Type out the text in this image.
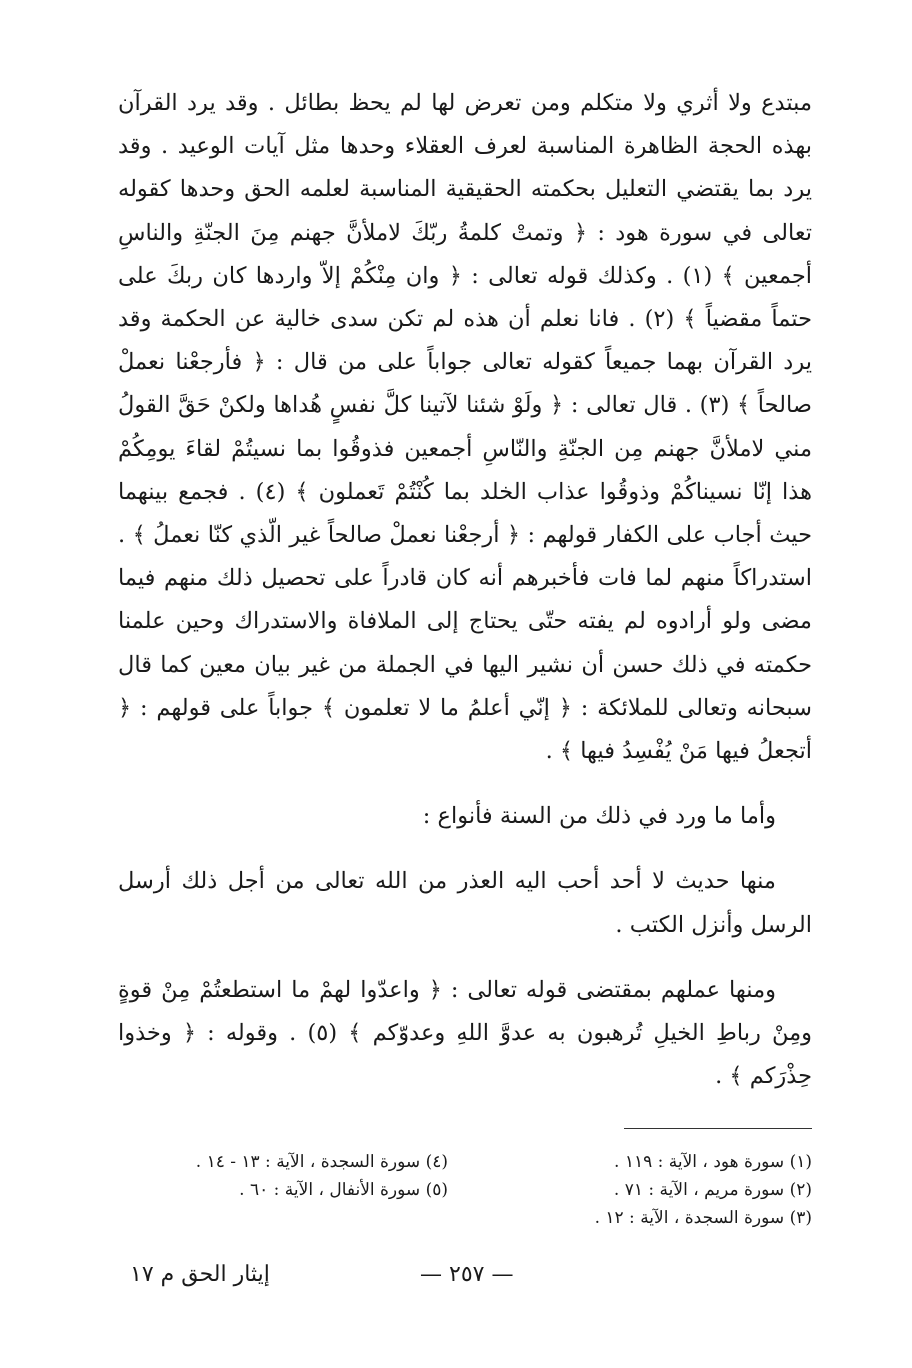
مبتدع ولا أثري ولا متكلم ومن تعرض لها لم يحظ بطائل . وقد يرد القرآن بهذه الحجة الظاهرة المناسبة لعرف العقلاء وحدها مثل آيات الوعيد . وقد يرد بما يقتضي التعليل بحكمته الحقيقية المناسبة لعلمه الحق وحدها كقوله تعالى في سورة هود : ﴿ وتمتْ كلمةُ ربّكَ لاملأنَّ جهنم مِنَ الجنّةِ والناسِ أجمعين ﴾ (١) . وكذلك قوله تعالى : ﴿ وان مِنْكُمْ إلاّ واردها كان ربكَ على حتماً مقضياً ﴾ (٢) . فانا نعلم أن هذه لم تكن سدى خالية عن الحكمة وقد يرد القرآن بهما جميعاً كقوله تعالى جواباً على من قال : ﴿ فأرجعْنا نعملْ صالحاً ﴾ (٣) . قال تعالى : ﴿ ولَوْ شئنا لآتينا كلَّ نفسٍ هُداها ولكنْ حَقَّ القولُ مني لاملأنَّ جهنم مِن الجنّةِ والنّاسِ أجمعين فذوقُوا بما نسيتُمْ لقاءَ يومِكُمْ هذا إنّا نسيناكُمْ وذوقُوا عذاب الخلد بما كُنْتُمْ تَعملون ﴾ (٤) . فجمع بينهما حيث أجاب على الكفار قولهم : ﴿ أرجعْنا نعملْ صالحاً غير الّذي كنّا نعملُ ﴾ . استدراكاً منهم لما فات فأخبرهم أنه كان قادراً على تحصيل ذلك منهم فيما مضى ولو أرادوه لم يفته حتّى يحتاج إلى الملافاة والاستدراك وحين علمنا حكمته في ذلك حسن أن نشير اليها في الجملة من غير بيان معين كما قال سبحانه وتعالى للملائكة : ﴿ إنّي أعلمُ ما لا تعلمون ﴾ جواباً على قولهم : ﴿ أتجعلُ فيها مَنْ يُفْسِدُ فيها ﴾ .

وأما ما ورد في ذلك من السنة فأنواع :

منها حديث لا أحد أحب اليه العذر من الله تعالى من أجل ذلك أرسل الرسل وأنزل الكتب .

ومنها عملهم بمقتضى قوله تعالى : ﴿ واعدّوا لهمْ ما استطعتُمْ مِنْ قوةٍ ومِنْ رباطِ الخيلِ تُرهبون به عدوَّ اللهِ وعدوّكم ﴾ (٥) . وقوله : ﴿ وخذوا حِذْرَكم ﴾ .

(١) سورة هود ، الآية : ١١٩ .
(٢) سورة مريم ، الآية : ٧١ .
(٣) سورة السجدة ، الآية : ١٢ .
(٤) سورة السجدة ، الآية : ١٣ - ١٤ .
(٥) سورة الأنفال ، الآية : ٦٠ .
— ٢٥٧ —
إيثار الحق م ١٧
